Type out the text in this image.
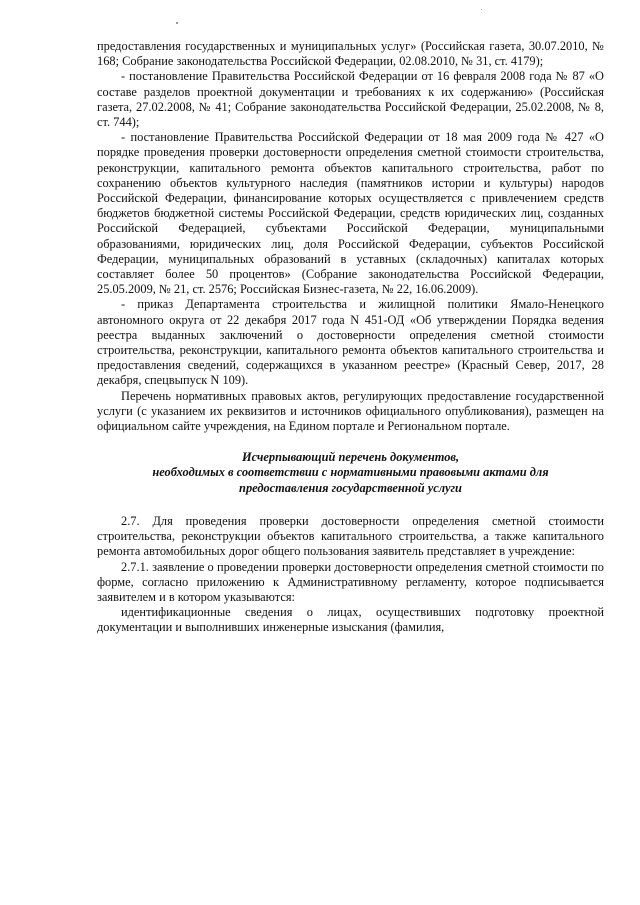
предоставления государственных и муниципальных услуг» (Российская газета, 30.07.2010, № 168; Собрание законодательства Российской Федерации, 02.08.2010, № 31, ст. 4179);

- постановление Правительства Российской Федерации от 16 февраля 2008 года № 87 «О составе разделов проектной документации и требованиях к их содержанию» (Российская газета, 27.02.2008, № 41; Собрание законодательства Российской Федерации, 25.02.2008, № 8, ст. 744);

- постановление Правительства Российской Федерации от 18 мая 2009 года № 427 «О порядке проведения проверки достоверности определения сметной стоимости строительства, реконструкции, капитального ремонта объектов капитального строительства, работ по сохранению объектов культурного наследия (памятников истории и культуры) народов Российской Федерации, финансирование которых осуществляется с привлечением средств бюджетов бюджетной системы Российской Федерации, средств юридических лиц, созданных Российской Федерацией, субъектами Российской Федерации, муниципальными образованиями, юридических лиц, доля Российской Федерации, субъектов Российской Федерации, муниципальных образований в уставных (складочных) капиталах которых составляет более 50 процентов» (Собрание законодательства Российской Федерации, 25.05.2009, № 21, ст. 2576; Российская Бизнес-газета, № 22, 16.06.2009).

- приказ Департамента строительства и жилищной политики Ямало-Ненецкого автономного округа от 22 декабря 2017 года N 451-ОД «Об утверждении Порядка ведения реестра выданных заключений о достоверности определения сметной стоимости строительства, реконструкции, капитального ремонта объектов капитального строительства и предоставления сведений, содержащихся в указанном реестре» (Красный Север, 2017, 28 декабря, спецвыпуск N 109).

Перечень нормативных правовых актов, регулирующих предоставление государственной услуги (с указанием их реквизитов и источников официального опубликования), размещен на официальном сайте учреждения, на Едином портале и Региональном портале.

Исчерпывающий перечень документов,
необходимых в соответствии с нормативными правовыми актами для
предоставления государственной услуги

2.7. Для проведения проверки достоверности определения сметной стоимости строительства, реконструкции объектов капитального строительства, а также капитального ремонта автомобильных дорог общего пользования заявитель представляет в учреждение:

2.7.1. заявление о проведении проверки достоверности определения сметной стоимости по форме, согласно приложению к Административному регламенту, которое подписывается заявителем и в котором указываются:

идентификационные сведения о лицах, осуществивших подготовку проектной документации и выполнивших инженерные изыскания (фамилия,
